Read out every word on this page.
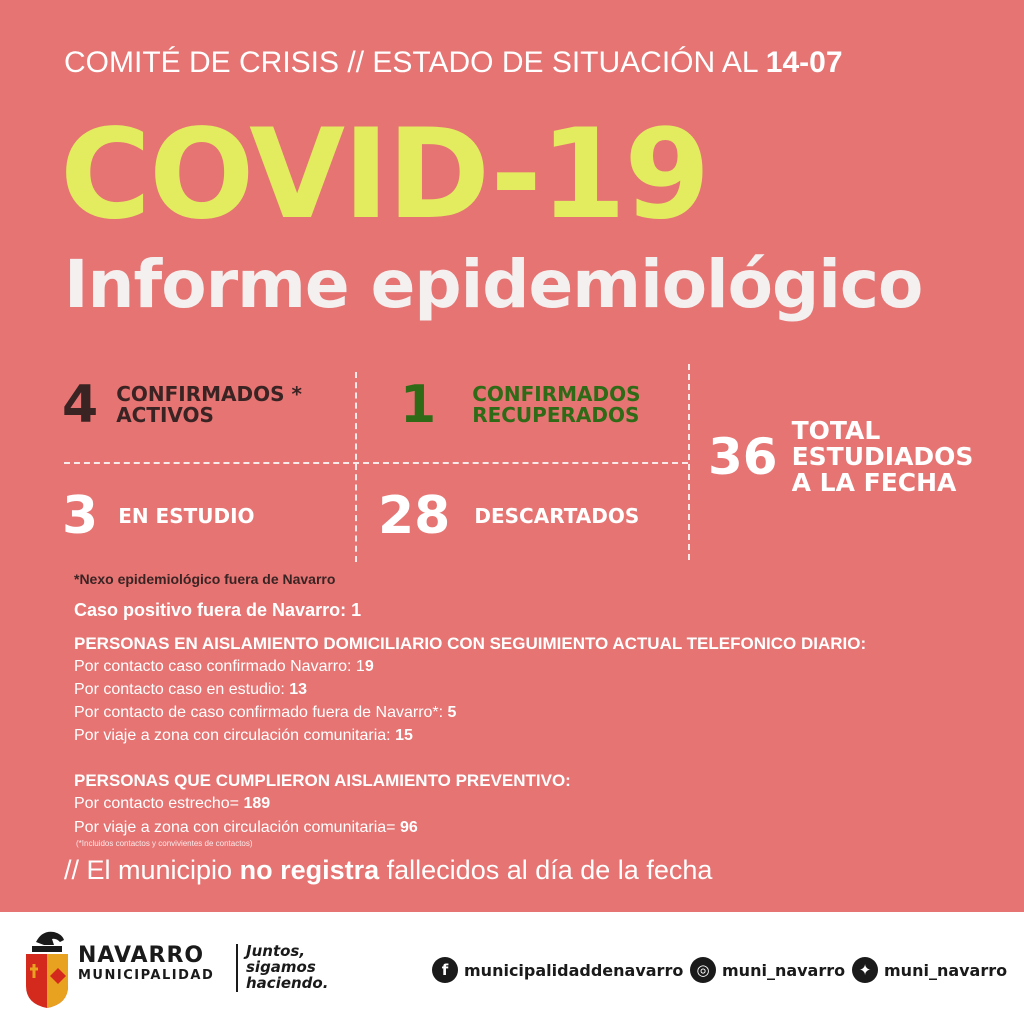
COMITÉ DE CRISIS // ESTADO DE SITUACIÓN AL 14-07
COVID-19
Informe epidemiológico
4 CONFIRMADOS *
ACTIVOS	1 CONFIRMADOS
RECUPERADOS
3 EN ESTUDIO 28 DESCARTADOS
36 TOTAL
ESTUDIADOS
A LA FECHA
*Nexo epidemiológico fuera de Navarro
Caso positivo fuera de Navarro: 1
PERSONAS EN AISLAMIENTO DOMICILIARIO CON SEGUIMIENTO ACTUAL TELEFONICO DIARIO:
Por contacto caso confirmado Navarro: 19
Por contacto caso en estudio: 13
Por contacto de caso confirmado fuera de Navarro*: 5
Por viaje a zona con circulación comunitaria: 15
PERSONAS QUE CUMPLIERON AISLAMIENTO PREVENTIVO:
Por contacto estrecho= 189
Por viaje a zona con circulación comunitaria= 96
(*Incluidos contactos y convivientes de contactos)
// El municipio no registra fallecidos al día de la fecha
NAVARRO
MUNICIPALIDAD
Juntos,
sigamos
haciendo.
f municipalidaddenavarro ◎ muni_navarro ✦ muni_navarro
